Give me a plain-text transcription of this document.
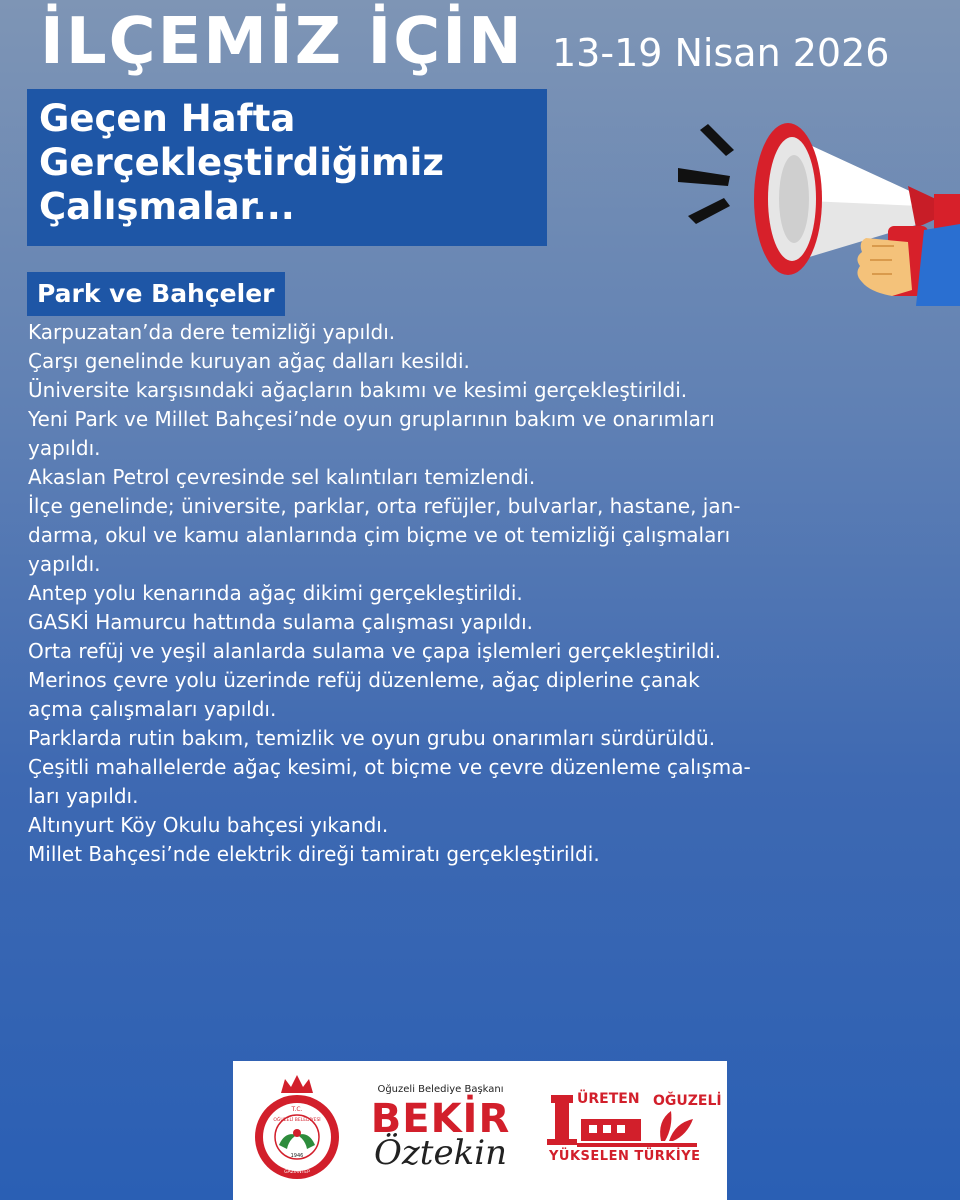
İLÇEMİZ İÇİN 13-19 Nisan 2026
Geçen Hafta
Gerçekleştirdiğimiz
Çalışmalar...
Park ve Bahçeler
Karpuzatan’da dere temizliği yapıldı.
Çarşı genelinde kuruyan ağaç dalları kesildi.
Üniversite karşısındaki ağaçların bakımı ve kesimi gerçekleştirildi.
Yeni Park ve Millet Bahçesi’nde oyun gruplarının bakım ve onarımları
yapıldı.
Akaslan Petrol çevresinde sel kalıntıları temizlendi.
İlçe genelinde; üniversite, parklar, orta refüjler, bulvarlar, hastane, jan-
darma, okul ve kamu alanlarında çim biçme ve ot temizliği çalışmaları
yapıldı.
Antep yolu kenarında ağaç dikimi gerçekleştirildi.
GASKİ Hamurcu hattında sulama çalışması yapıldı.
Orta refüj ve yeşil alanlarda sulama ve çapa işlemleri gerçekleştirildi.
Merinos çevre yolu üzerinde refüj düzenleme, ağaç diplerine çanak
açma çalışmaları yapıldı.
Parklarda rutin bakım, temizlik ve oyun grubu onarımları sürdürüldü.
Çeşitli mahallelerde ağaç kesimi, ot biçme ve çevre düzenleme çalışma-
ları yapıldı.
Altınyurt Köy Okulu bahçesi yıkandı.
Millet Bahçesi’nde elektrik direği tamiratı gerçekleştirildi.
T.C.
OĞUZELİ BELEDİYESİ
1946
GAZİANTEP
Oğuzeli Belediye Başkanı
BEKİR
Öztekin
ÜRETEN OĞUZELİ
YÜKSELEN TÜRKİYE
